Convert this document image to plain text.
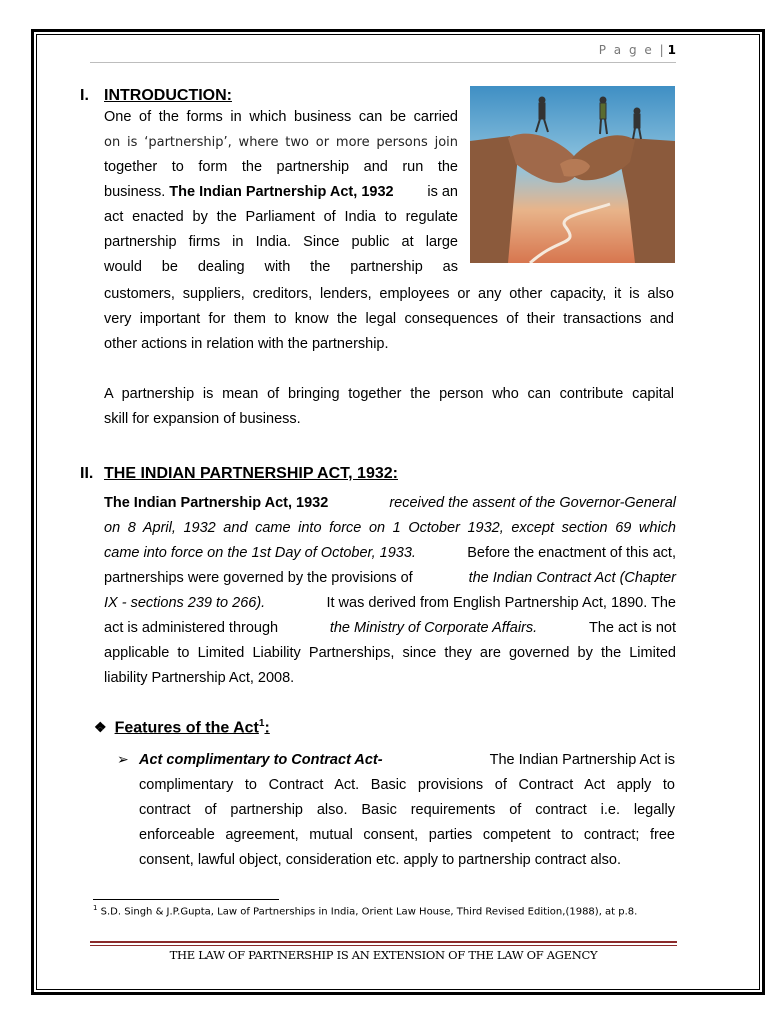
P a g e | 1
I. INTRODUCTION:
One of the forms in which business can be carried
on is ‘partnership’, where two or more persons join
together to form the partnership and run the
business. The Indian Partnership Act, 1932 is an
act enacted by the Parliament of India to regulate
partnership firms in India. Since public at large
would be dealing with the partnership as
customers, suppliers, creditors, lenders, employees or any other capacity, it is also
very important for them to know the legal consequences of their transactions and
other actions in relation with the partnership.
A partnership is mean of bringing together the person who can contribute capital
skill for expansion of business.
II. THE INDIAN PARTNERSHIP ACT, 1932:
The Indian Partnership Act, 1932	received the assent of the Governor-General
on 8 April, 1932 and came into force on 1 October 1932, except section 69 which
came into force on the 1st Day of October, 1933.	Before the enactment of this act,
partnerships were governed by the provisions of	the Indian Contract Act (Chapter
IX - sections 239 to 266).	It was derived from English Partnership Act, 1890. The
act is administered through	the Ministry of Corporate Affairs.	The act is not
applicable to Limited Liability Partnerships, since they are governed by the Limited
liability Partnership Act, 2008.
❖ Features of the Act$^1$:
➢ Act complimentary to Contract Act-	The Indian Partnership Act is
complimentary to Contract Act. Basic provisions of Contract Act apply to
contract of partnership also. Basic requirements of contract i.e. legally
enforceable agreement, mutual consent, parties competent to contract; free
consent, lawful object, consideration etc. apply to partnership contract also.
$^1$ S.D. Singh & J.P.Gupta, Law of Partnerships in India, Orient Law House, Third Revised Edition,(1988), at p.8.
THE LAW OF PARTNERSHIP IS AN EXTENSION OF THE LAW OF AGENCY
